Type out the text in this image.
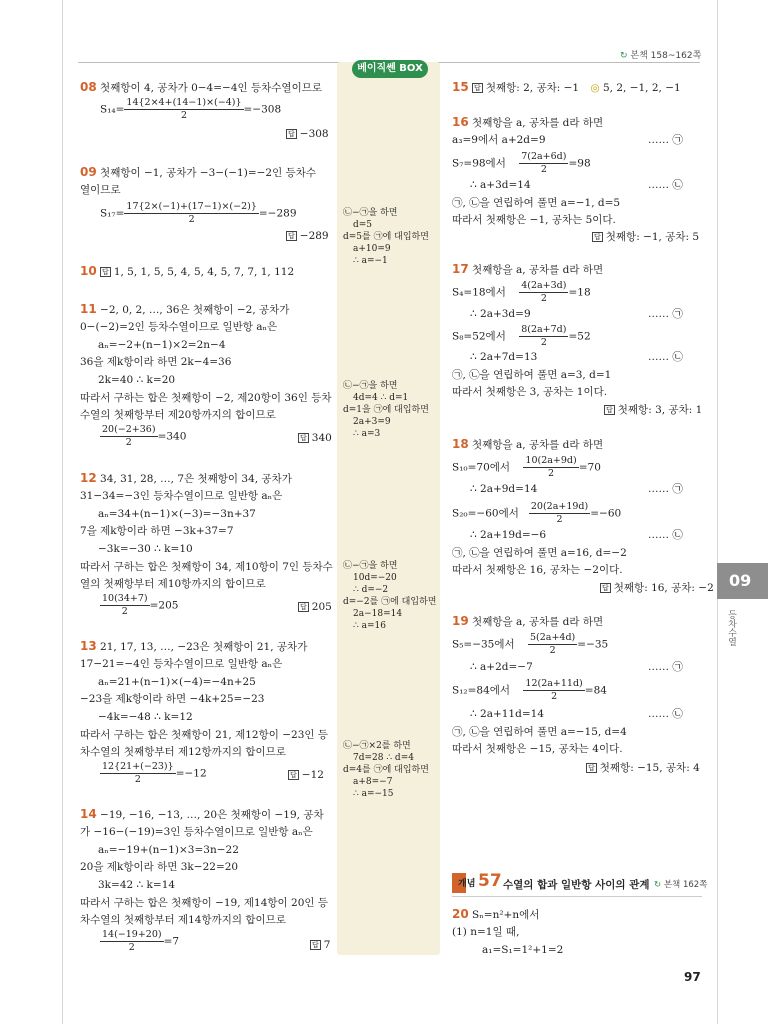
↻ 본책 158~162쪽
베이직쎈 BOX
08 첫째항이 4, 공차가 0−4=−4인 등차수열이므로
$S_{14}= \frac{14\{2\times 4+(14-1)\times(-4)\}}{2} =-308$
답 −308
09 첫째항이 −1, 공차가 −3−(−1)=−2인 등차수
열이므로
$S_{17}= \frac{17\{2\times(-1)+(17-1)\times(-2)\}}{2} =-289$
답 −289
10 답 1, 5, 1, 5, 5, 4, 5, 4, 5, 7, 7, 1, 112
11 −2, 0, 2, …, 36은 첫째항이 −2, 공차가
0−(−2)=2인 등차수열이므로 일반항 aₙ은
aₙ=−2+(n−1)×2=2n−4
36을 제k항이라 하면 2k−4=36
2k=40 ∴ k=20
따라서 구하는 합은 첫째항이 −2, 제20항이 36인 등차
수열의 첫째항부터 제20항까지의 합이므로
$\frac{20(-2+36)}{2} =340$	답 340
12 34, 31, 28, …, 7은 첫째항이 34, 공차가
31−34=−3인 등차수열이므로 일반항 aₙ은
aₙ=34+(n−1)×(−3)=−3n+37
7을 제k항이라 하면 −3k+37=7
−3k=−30 ∴ k=10
따라서 구하는 합은 첫째항이 34, 제10항이 7인 등차수
열의 첫째항부터 제10항까지의 합이므로
$\frac{10(34+7)}{2} =205$	답 205
13 21, 17, 13, …, −23은 첫째항이 21, 공차가
17−21=−4인 등차수열이므로 일반항 aₙ은
aₙ=21+(n−1)×(−4)=−4n+25
−23을 제k항이라 하면 −4k+25=−23
−4k=−48 ∴ k=12
따라서 구하는 합은 첫째항이 21, 제12항이 −23인 등
차수열의 첫째항부터 제12항까지의 합이므로
$\frac{12\{21+(-23)\}}{2} =-12$	답 −12
14 −19, −16, −13, …, 20은 첫째항이 −19, 공차
가 −16−(−19)=3인 등차수열이므로 일반항 aₙ은
aₙ=−19+(n−1)×3=3n−22
20을 제k항이라 하면 3k−22=20
3k=42 ∴ k=14
따라서 구하는 합은 첫째항이 −19, 제14항이 20인 등
차수열의 첫째항부터 제14항까지의 합이므로
$\frac{14(-19+20)}{2} =7$	답 7
㉡−㉠을 하면
d=5
d=5를 ㉠에 대입하면
a+10=9
∴ a=−1
㉡−㉠을 하면
4d=4 ∴ d=1
d=1을 ㉠에 대입하면
2a+3=9
∴ a=3
㉡−㉠을 하면
10d=−20
∴ d=−2
d=−2를 ㉠에 대입하면
2a−18=14
∴ a=16
㉡−㉠×2를 하면
7d=28 ∴ d=4
d=4를 ㉠에 대입하면
a+8=−7
∴ a=−15
15 답 첫째항: 2, 공차: −1 ◎ 5, 2, −1, 2, −1
16 첫째항을 a, 공차를 d라 하면
a₃=9에서 a+2d=9	…… ㉠
S₇=98에서 $\frac{7(2a+6d)}{2} =98$
∴ a+3d=14	…… ㉡
㉠, ㉡을 연립하여 풀면 a=−1, d=5
따라서 첫째항은 −1, 공차는 5이다.
답 첫째항: −1, 공차: 5
17 첫째항을 a, 공차를 d라 하면
S₄=18에서 $\frac{4(2a+3d)}{2} =18$
∴ 2a+3d=9	…… ㉠
S₈=52에서 $\frac{8(2a+7d)}{2} =52$
∴ 2a+7d=13	…… ㉡
㉠, ㉡을 연립하여 풀면 a=3, d=1
따라서 첫째항은 3, 공차는 1이다.
답 첫째항: 3, 공차: 1
18 첫째항을 a, 공차를 d라 하면
S₁₀=70에서 $\frac{10(2a+9d)}{2} =70$
∴ 2a+9d=14	…… ㉠
S₂₀=−60에서 $\frac{20(2a+19d)}{2} =-60$
∴ 2a+19d=−6	…… ㉡
㉠, ㉡을 연립하여 풀면 a=16, d=−2
따라서 첫째항은 16, 공차는 −2이다.
답 첫째항: 16, 공차: −2
19 첫째항을 a, 공차를 d라 하면
S₅=−35에서 $\frac{5(2a+4d)}{2} =-35$
∴ a+2d=−7	…… ㉠
S₁₂=84에서 $\frac{12(2a+11d)}{2} =84$
∴ 2a+11d=14	…… ㉡
㉠, ㉡을 연립하여 풀면 a=−15, d=4
따라서 첫째항은 −15, 공차는 4이다.
답 첫째항: −15, 공차: 4
개념 57 수열의 합과 일반항 사이의 관계 ↻ 본책 162쪽
20 Sₙ=n²+n에서
(1) n=1일 때,
a₁=S₁=1²+1=2
09
등차수열
97
